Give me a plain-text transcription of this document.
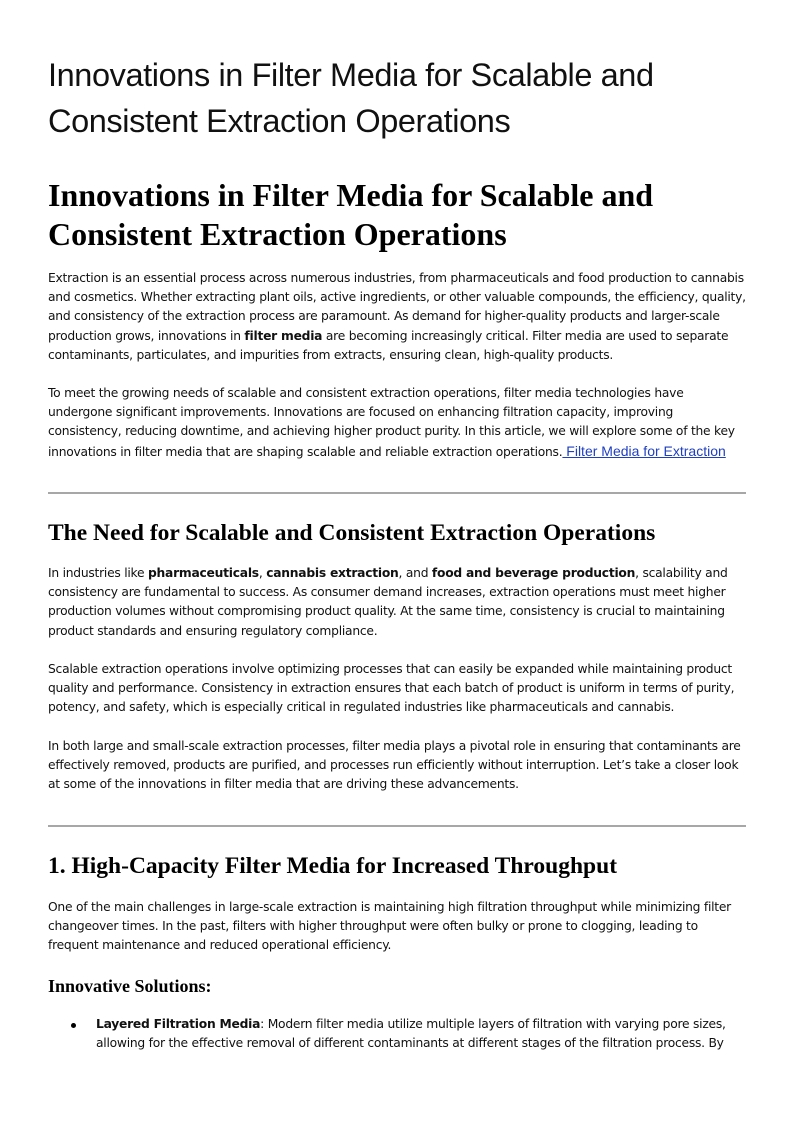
Innovations in Filter Media for Scalable and Consistent Extraction Operations
Innovations in Filter Media for Scalable and Consistent Extraction Operations

Extraction is an essential process across numerous industries, from pharmaceuticals and food production to cannabis and cosmetics. Whether extracting plant oils, active ingredients, or other valuable compounds, the efficiency, quality, and consistency of the extraction process are paramount. As demand for higher-quality products and larger-scale production grows, innovations in filter media are becoming increasingly critical. Filter media are used to separate contaminants, particulates, and impurities from extracts, ensuring clean, high-quality products.

To meet the growing needs of scalable and consistent extraction operations, filter media technologies have undergone significant improvements. Innovations are focused on enhancing filtration capacity, improving consistency, reducing downtime, and achieving higher product purity. In this article, we will explore some of the key innovations in filter media that are shaping scalable and reliable extraction operations. Filter Media for Extraction

The Need for Scalable and Consistent Extraction Operations

In industries like pharmaceuticals, cannabis extraction, and food and beverage production, scalability and consistency are fundamental to success. As consumer demand increases, extraction operations must meet higher production volumes without compromising product quality. At the same time, consistency is crucial to maintaining product standards and ensuring regulatory compliance.

Scalable extraction operations involve optimizing processes that can easily be expanded while maintaining product quality and performance. Consistency in extraction ensures that each batch of product is uniform in terms of purity, potency, and safety, which is especially critical in regulated industries like pharmaceuticals and cannabis.

In both large and small-scale extraction processes, filter media plays a pivotal role in ensuring that contaminants are effectively removed, products are purified, and processes run efficiently without interruption. Let’s take a closer look at some of the innovations in filter media that are driving these advancements.

1. High-Capacity Filter Media for Increased Throughput

One of the main challenges in large-scale extraction is maintaining high filtration throughput while minimizing filter changeover times. In the past, filters with higher throughput were often bulky or prone to clogging, leading to frequent maintenance and reduced operational efficiency.

Innovative Solutions:
Layered Filtration Media: Modern filter media utilize multiple layers of filtration with varying pore sizes, allowing for the effective removal of different contaminants at different stages of the filtration process. By
